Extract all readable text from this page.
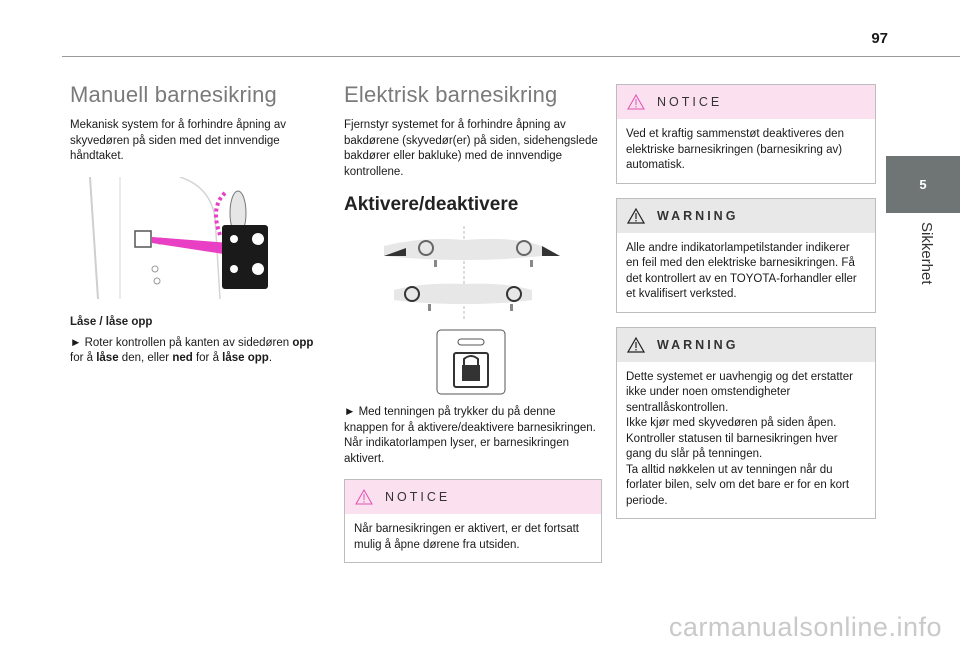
97
5
Sikkerhet
Manuell barnesikring

Mekanisk system for å forhindre åpning av skyvedøren på siden med det innvendige håndtaket.

Låse / låse opp

► Roter kontrollen på kanten av sidedøren opp
for å låse den, eller ned for å låse opp.

Elektrisk barnesikring

Fjernstyr systemet for å forhindre åpning av bakdørene (skyvedør(er) på siden, sidehengslede bakdører eller bakluke) med de innvendige kontrollene.

Aktivere/deaktivere

► Med tenningen på trykker du på denne knappen for å aktivere/deaktivere barnesikringen.

Når indikatorlampen lyser, er barnesikringen aktivert.

NOTICE

Når barnesikringen er aktivert, er det fortsatt mulig å åpne dørene fra utsiden.

NOTICE

Ved et kraftig sammenstøt deaktiveres den elektriske barnesikringen (barnesikring av) automatisk.

WARNING

Alle andre indikatorlampetilstander indikerer en feil med den elektriske barnesikringen. Få det kontrollert av en TOYOTA-forhandler eller et kvalifisert verksted.

WARNING

Dette systemet er uavhengig og det erstatter ikke under noen omstendigheter sentrallåskontrollen.

Ikke kjør med skyvedøren på siden åpen.

Kontroller statusen til barnesikringen hver gang du slår på tenningen.

Ta alltid nøkkelen ut av tenningen når du forlater bilen, selv om det bare er for en kort periode.

carmanualsonline.info
